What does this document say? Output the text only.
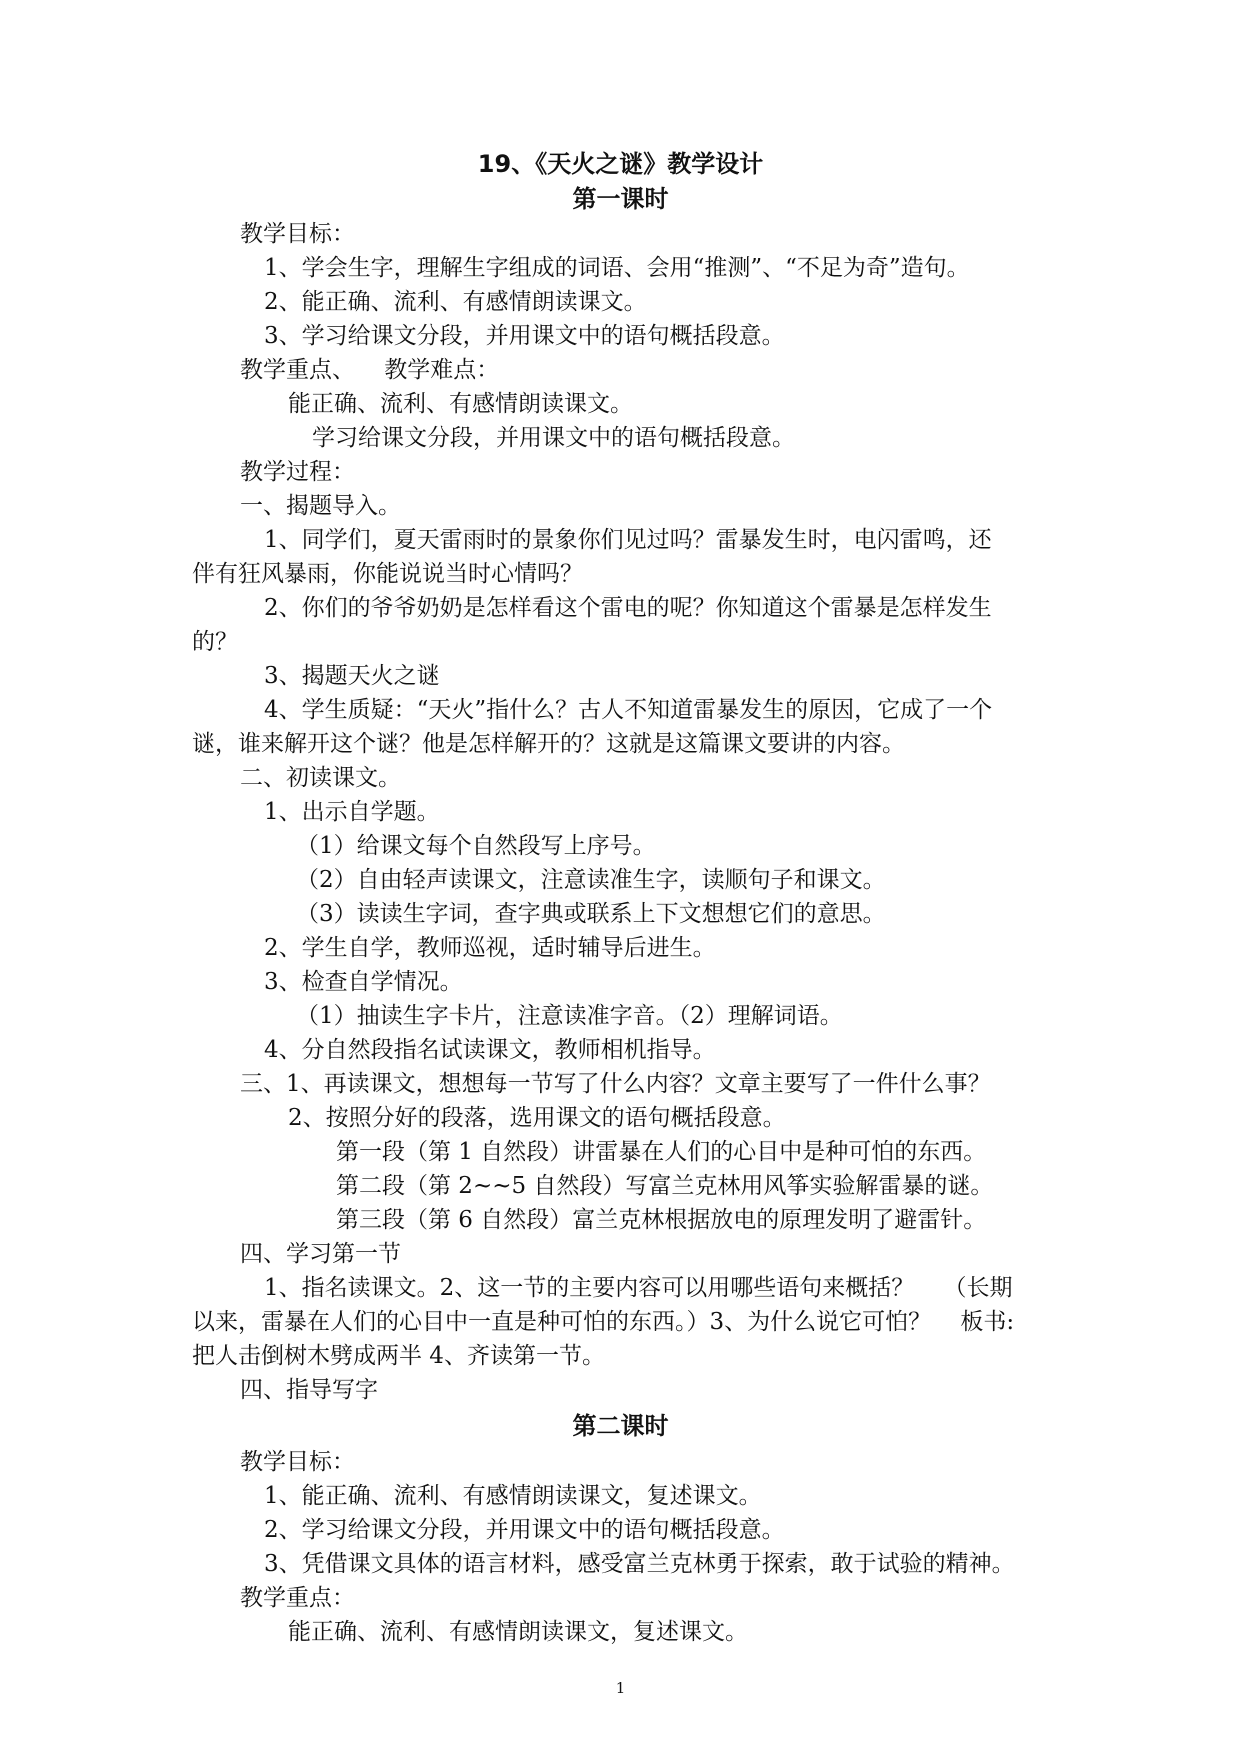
19、《天火之谜》教学设计
第一课时
教学目标：
1、学会生字，理解生字组成的词语、会用“推测”、“不足为奇”造句。
2、能正确、流利、有感情朗读课文。
3、学习给课文分段，并用课文中的语句概括段意。
教学重点、    教学难点：
能正确、流利、有感情朗读课文。
学习给课文分段，并用课文中的语句概括段意。
教学过程：
一、揭题导入。
1、同学们，夏天雷雨时的景象你们见过吗？雷暴发生时，电闪雷鸣，还
伴有狂风暴雨，你能说说当时心情吗？
2、你们的爷爷奶奶是怎样看这个雷电的呢？你知道这个雷暴是怎样发生
的？
3、揭题天火之谜
4、学生质疑：“天火”指什么？古人不知道雷暴发生的原因，它成了一个
谜，谁来解开这个谜？他是怎样解开的？这就是这篇课文要讲的内容。
二、初读课文。
1、出示自学题。
（1）给课文每个自然段写上序号。
（2）自由轻声读课文，注意读准生字，读顺句子和课文。
（3）读读生字词，查字典或联系上下文想想它们的意思。
2、学生自学，教师巡视，适时辅导后进生。
3、检查自学情况。
（1）抽读生字卡片，注意读准字音。（2）理解词语。
4、分自然段指名试读课文，教师相机指导。
三、1、再读课文，想想每一节写了什么内容？文章主要写了一件什么事？
2、按照分好的段落，选用课文的语句概括段意。
第一段（第 1 自然段）讲雷暴在人们的心目中是种可怕的东西。
第二段（第 2~~5 自然段）写富兰克林用风筝实验解雷暴的谜。
第三段（第 6 自然段）富兰克林根据放电的原理发明了避雷针。
四、学习第一节
1、指名读课文。2、这一节的主要内容可以用哪些语句来概括？    （长期
以来，雷暴在人们的心目中一直是种可怕的东西。）3、为什么说它可怕？    板书:
把人击倒树木劈成两半 4、齐读第一节。
四、指导写字
第二课时
教学目标：
1、能正确、流利、有感情朗读课文，复述课文。
2、学习给课文分段，并用课文中的语句概括段意。
3、凭借课文具体的语言材料，感受富兰克林勇于探索，敢于试验的精神。
教学重点：
能正确、流利、有感情朗读课文，复述课文。
1
